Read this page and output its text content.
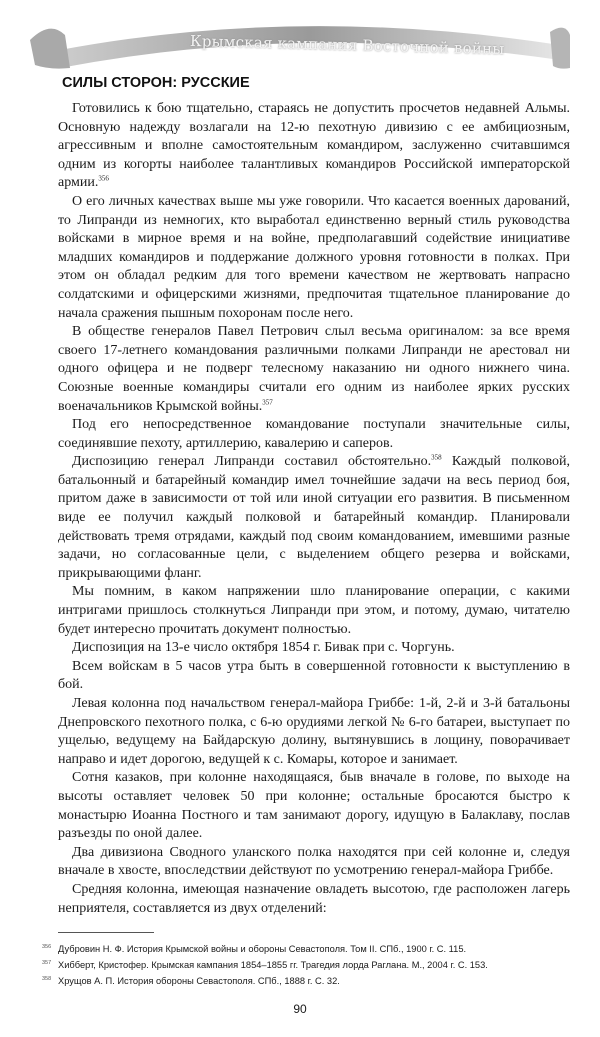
Крымская кампания Восточной войны
СИЛЫ СТОРОН: РУССКИЕ

Готовились к бою тщательно, стараясь не допустить просчетов недавней Альмы. Основную надежду возлагали на 12-ю пехотную дивизию с ее амбициозным, агрессивным и вполне самостоятельным командиром, заслуженно считавшимся одним из когорты наиболее талантливых командиров Российской императорской армии.$^{356}$

О его личных качествах выше мы уже говорили. Что касается военных дарований, то Липранди из немногих, кто выработал единственно верный стиль руководства войсками в мирное время и на войне, предполагавший содействие инициативе младших командиров и поддержание должного уровня готовности в полках. При этом он обладал редким для того времени качеством не жертвовать напрасно солдатскими и офицерскими жизнями, предпочитая тщательное планирование до начала сражения пышным похоронам после него.

В обществе генералов Павел Петрович слыл весьма оригиналом: за все время своего 17-летнего командования различными полками Липранди не арестовал ни одного офицера и не подверг телесному наказанию ни одного нижнего чина. Союзные военные командиры считали его одним из наиболее ярких русских военачальников Крымской войны.$^{357}$

Под его непосредственное командование поступали значительные силы, соединявшие пехоту, артиллерию, кавалерию и саперов.

Диспозицию генерал Липранди составил обстоятельно.$^{358}$ Каждый полковой, батальонный и батарейный командир имел точнейшие задачи на весь период боя, притом даже в зависимости от той или иной ситуации его развития. В письменном виде ее получил каждый полковой и батарейный командир. Планировали действовать тремя отрядами, каждый под своим командованием, имевшими разные задачи, но согласованные цели, с выделением общего резерва и войсками, прикрывающими фланг.

Мы помним, в каком напряжении шло планирование операции, с какими интригами пришлось столкнуться Липранди при этом, и потому, думаю, читателю будет интересно прочитать документ полностью.

Диспозиция на 13-е число октября 1854 г. Бивак при с. Чоргунь.

Всем войскам в 5 часов утра быть в совершенной готовности к выступлению в бой.

Левая колонна под начальством генерал-майора Гриббе: 1-й, 2-й и 3-й батальоны Днепровского пехотного полка, с 6-ю орудиями легкой № 6-го батареи, выступает по ущелью, ведущему на Байдарскую долину, вытянувшись в лощину, поворачивает направо и идет дорогою, ведущей к с. Комары, которое и занимает.

Сотня казаков, при колонне находящаяся, быв вначале в голове, по выходе на высоты оставляет человек 50 при колонне; остальные бросаются быстро к монастырю Иоанна Постного и там занимают дорогу, идущую в Балаклаву, послав разъезды по оной далее.

Два дивизиона Сводного уланского полка находятся при сей колонне и, следуя вначале в хвосте, впоследствии действуют по усмотрению генерал-майора Гриббе.

Средняя колонна, имеющая назначение овладеть высотою, где расположен лагерь неприятеля, составляется из двух отделений:

356 Дубровин Н. Ф. История Крымской войны и обороны Севастополя. Том II. СПб., 1900 г. С. 115.
357 Хибберт, Кристофер. Крымская кампания 1854–1855 гг. Трагедия лорда Раглана. М., 2004 г. С. 153.
358 Хрущов А. П. История обороны Севастополя. СПб., 1888 г. С. 32.
90
